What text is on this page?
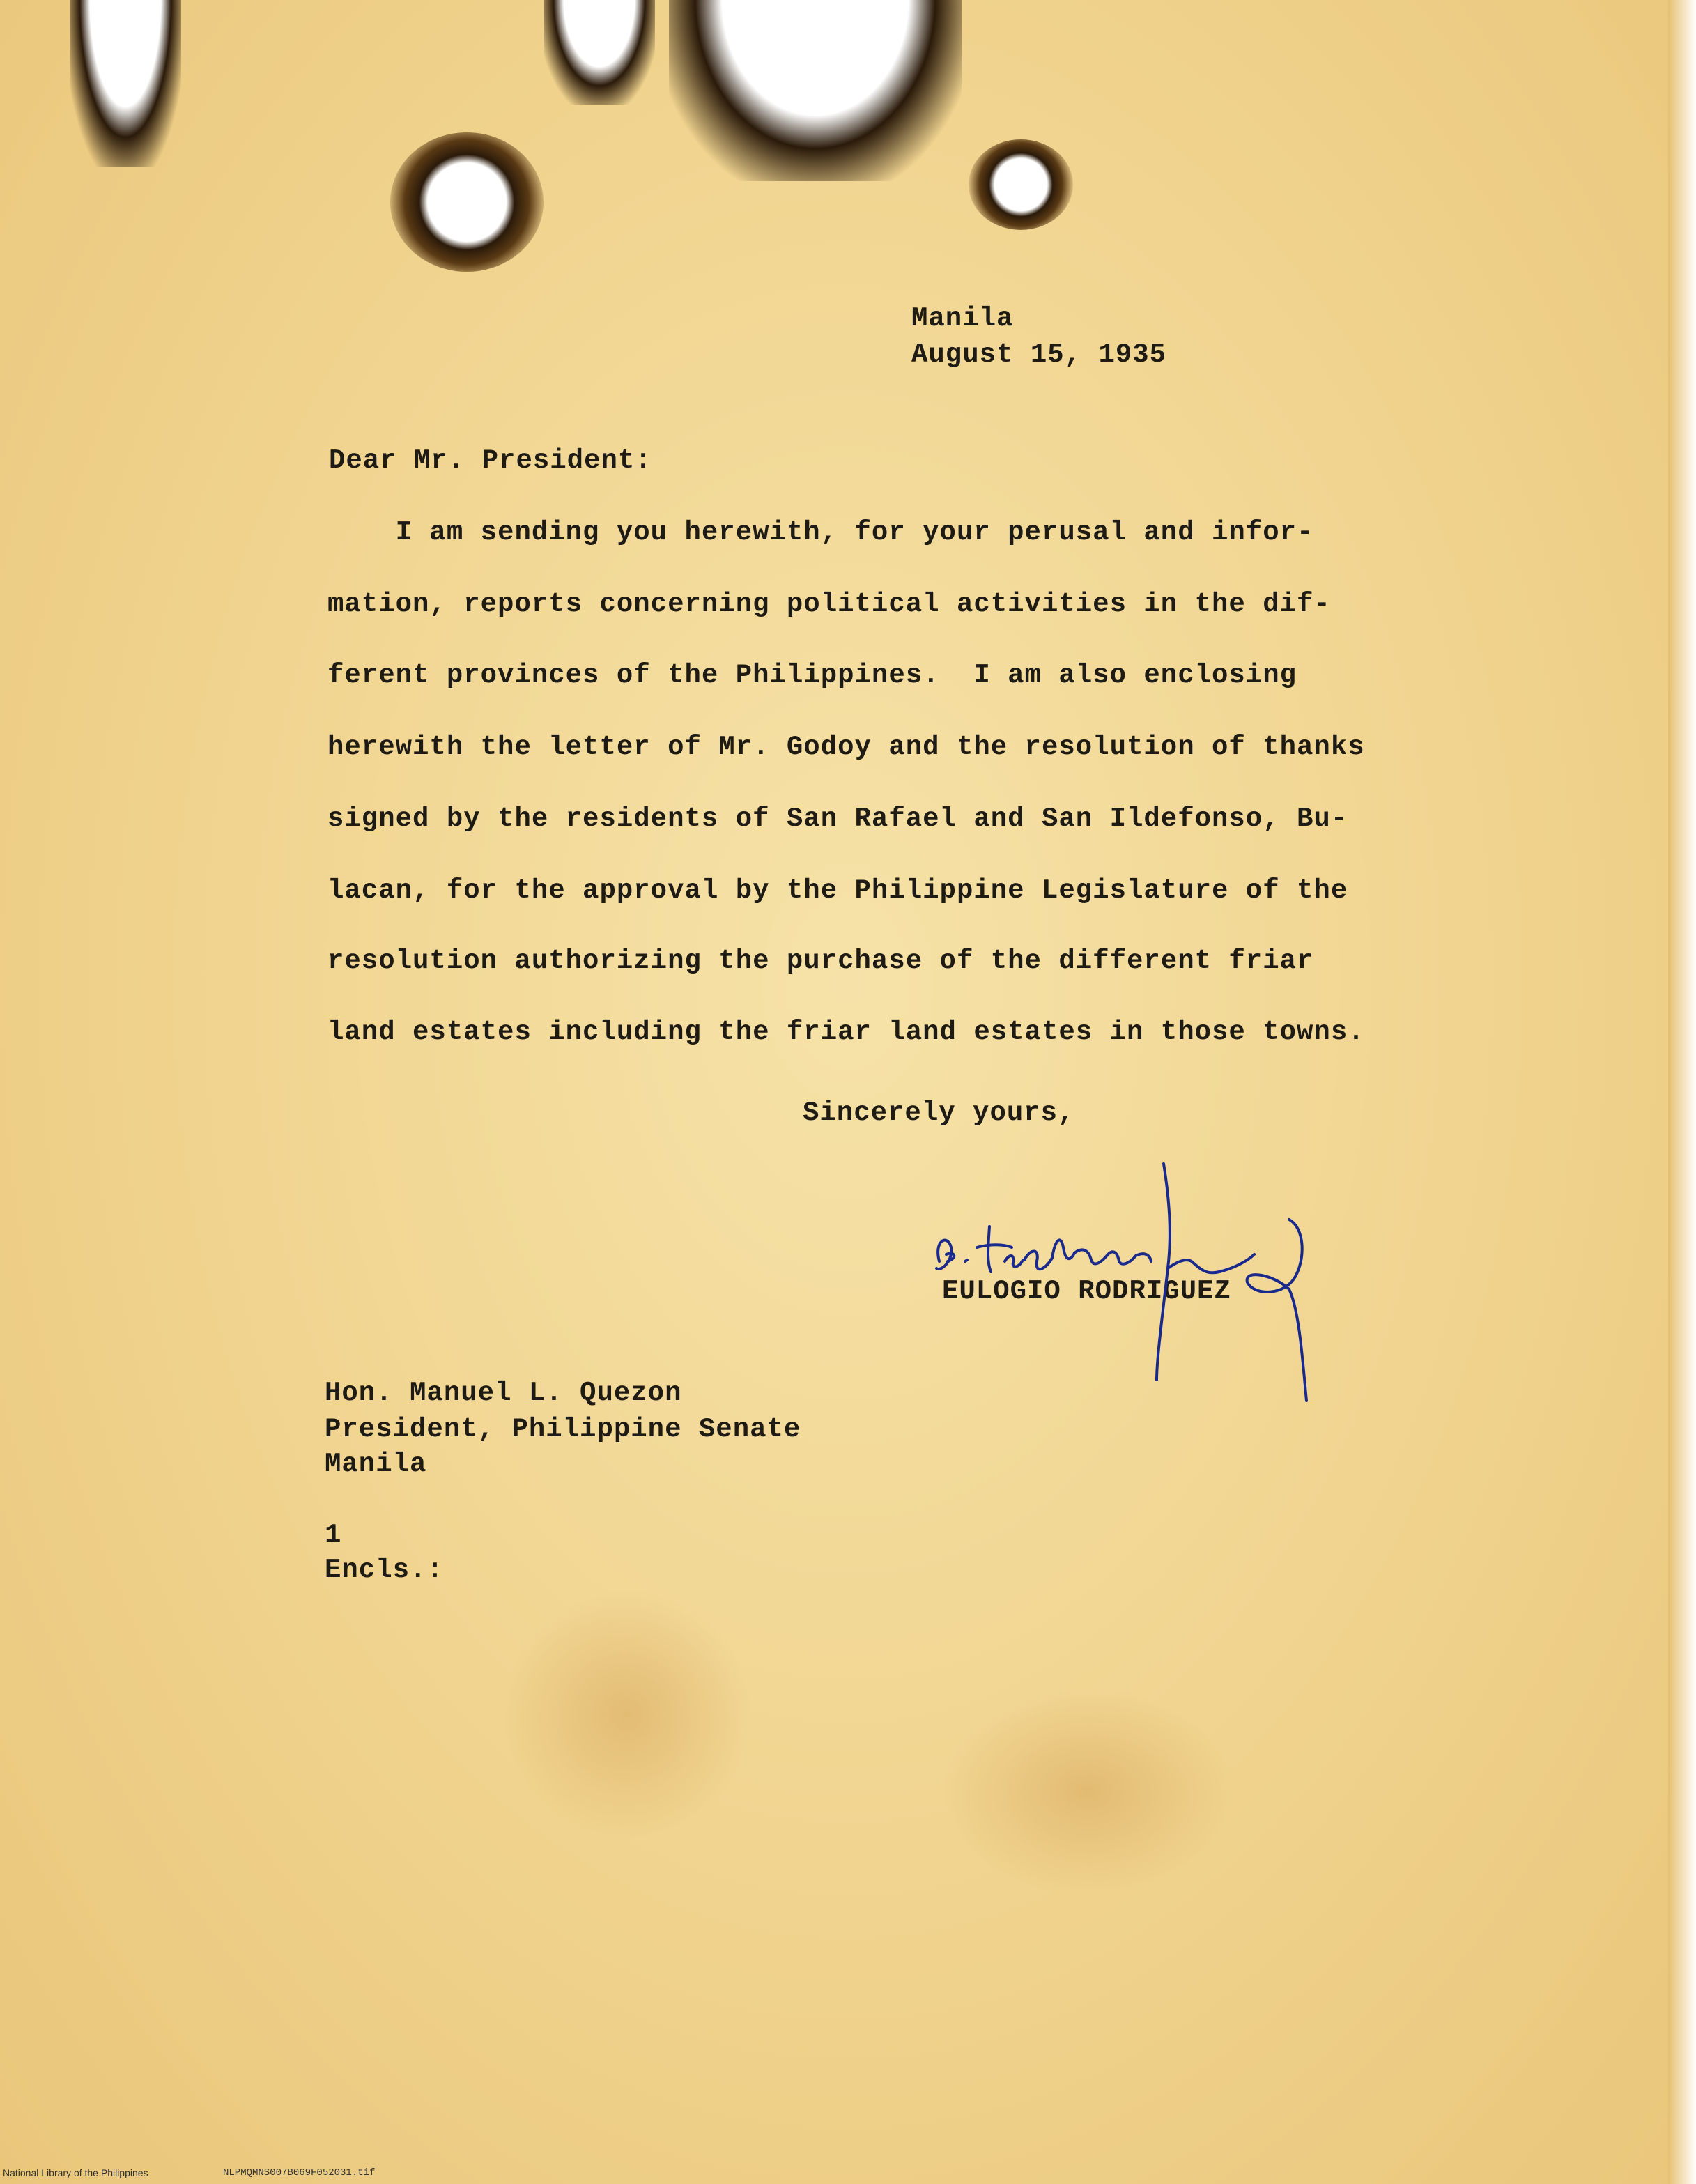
Manila
August 15, 1935
Dear Mr. President:
I am sending you herewith, for your perusal and infor-
mation, reports concerning political activities in the dif-
ferent provinces of the Philippines.  I am also enclosing
herewith the letter of Mr. Godoy and the resolution of thanks
signed by the residents of San Rafael and San Ildefonso, Bu-
lacan, for the approval by the Philippine Legislature of the
resolution authorizing the purchase of the different friar
land estates including the friar land estates in those towns.
Sincerely yours,
EULOGIO RODRIGUEZ
Hon. Manuel L. Quezon
President, Philippine Senate
Manila
1
Encls.:
National Library of the Philippines	NLPMQMNS007B069F052031.tif
